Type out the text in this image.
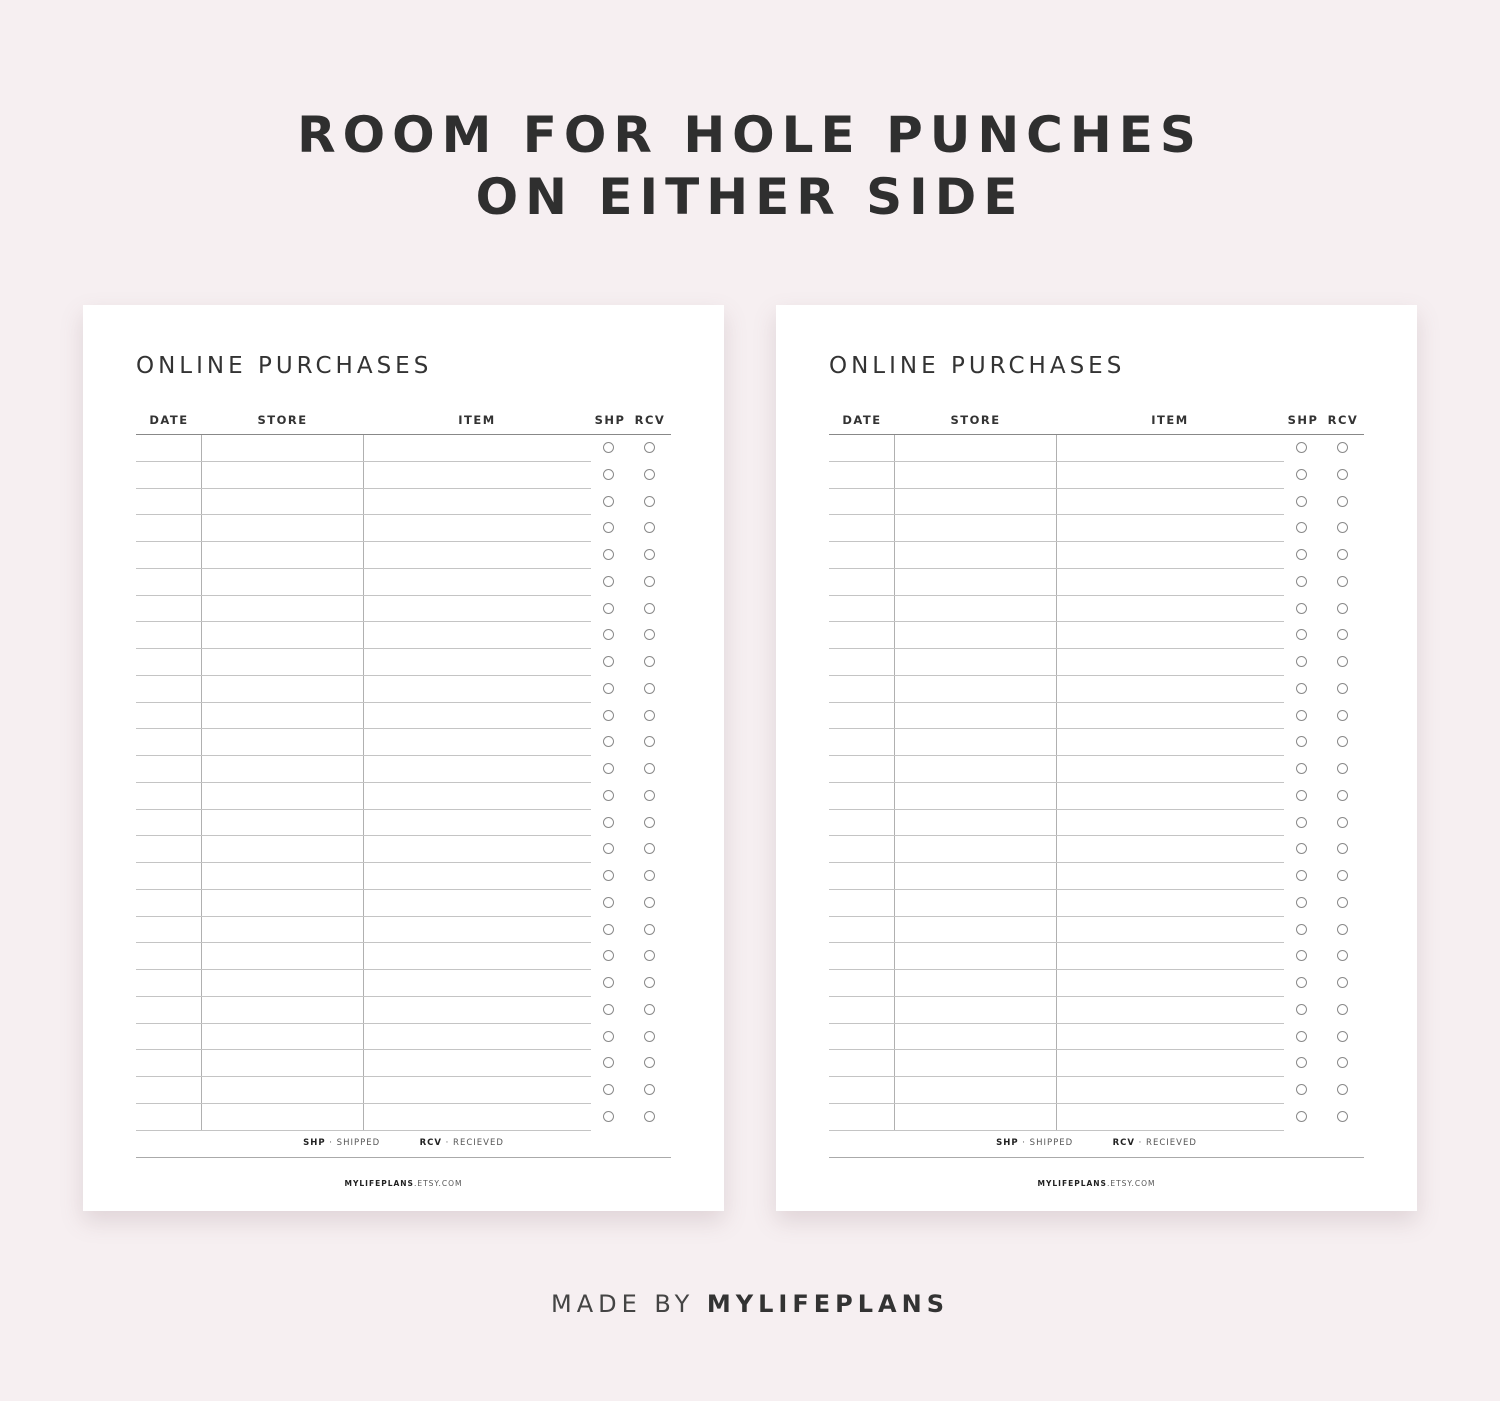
ROOM FOR HOLE PUNCHES
ON EITHER SIDE
ONLINE PURCHASES
DATE	STORE	ITEM	SHP RCV
SHP · SHIPPED	RCV · RECIEVED
MYLIFEPLANS.ETSY.COM
ONLINE PURCHASES
DATE	STORE	ITEM	SHP RCV
SHP · SHIPPED	RCV · RECIEVED
MYLIFEPLANS.ETSY.COM
MADE BY MYLIFEPLANS
